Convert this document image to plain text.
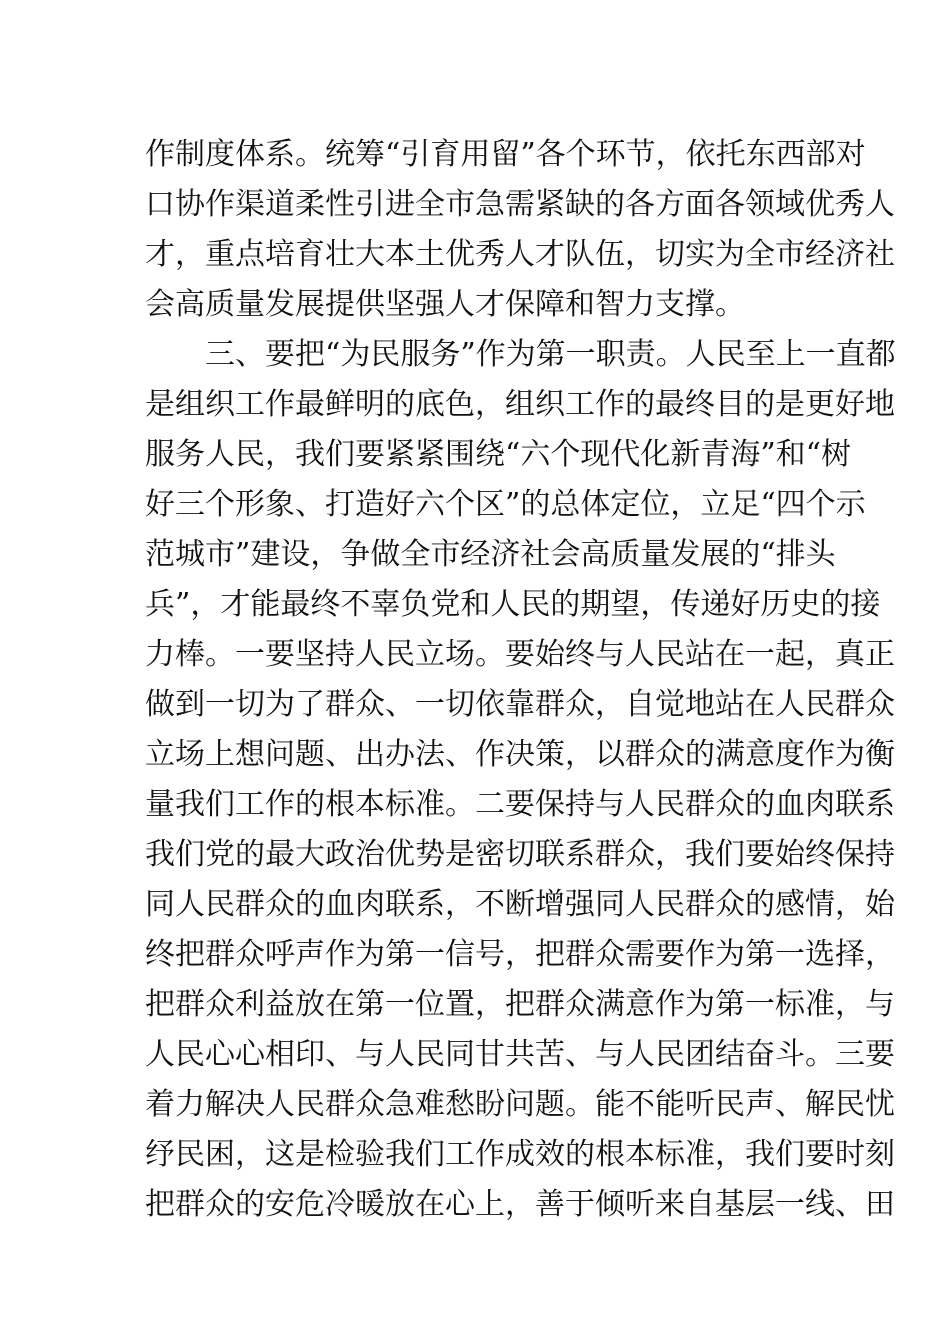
作制度体系。统筹“引育用留”各个环节，依托东西部对
口协作渠道柔性引进全市急需紧缺的各方面各领域优秀人
才，重点培育壮大本土优秀人才队伍，切实为全市经济社
会高质量发展提供坚强人才保障和智力支撑。
　　三、要把“为民服务”作为第一职责。人民至上一直都
是组织工作最鲜明的底色，组织工作的最终目的是更好地
服务人民，我们要紧紧围绕“六个现代化新青海”和“树
好三个形象、打造好六个区”的总体定位，立足“四个示
范城市”建设，争做全市经济社会高质量发展的“排头
兵”，才能最终不辜负党和人民的期望，传递好历史的接
力棒。一要坚持人民立场。要始终与人民站在一起，真正
做到一切为了群众、一切依靠群众，自觉地站在人民群众
立场上想问题、出办法、作决策，以群众的满意度作为衡
量我们工作的根本标准。二要保持与人民群众的血肉联系
我们党的最大政治优势是密切联系群众，我们要始终保持
同人民群众的血肉联系，不断增强同人民群众的感情，始
终把群众呼声作为第一信号，把群众需要作为第一选择，
把群众利益放在第一位置，把群众满意作为第一标准，与
人民心心相印、与人民同甘共苦、与人民团结奋斗。三要
着力解决人民群众急难愁盼问题。能不能听民声、解民忧
纾民困，这是检验我们工作成效的根本标准，我们要时刻
把群众的安危冷暖放在心上，善于倾听来自基层一线、田
